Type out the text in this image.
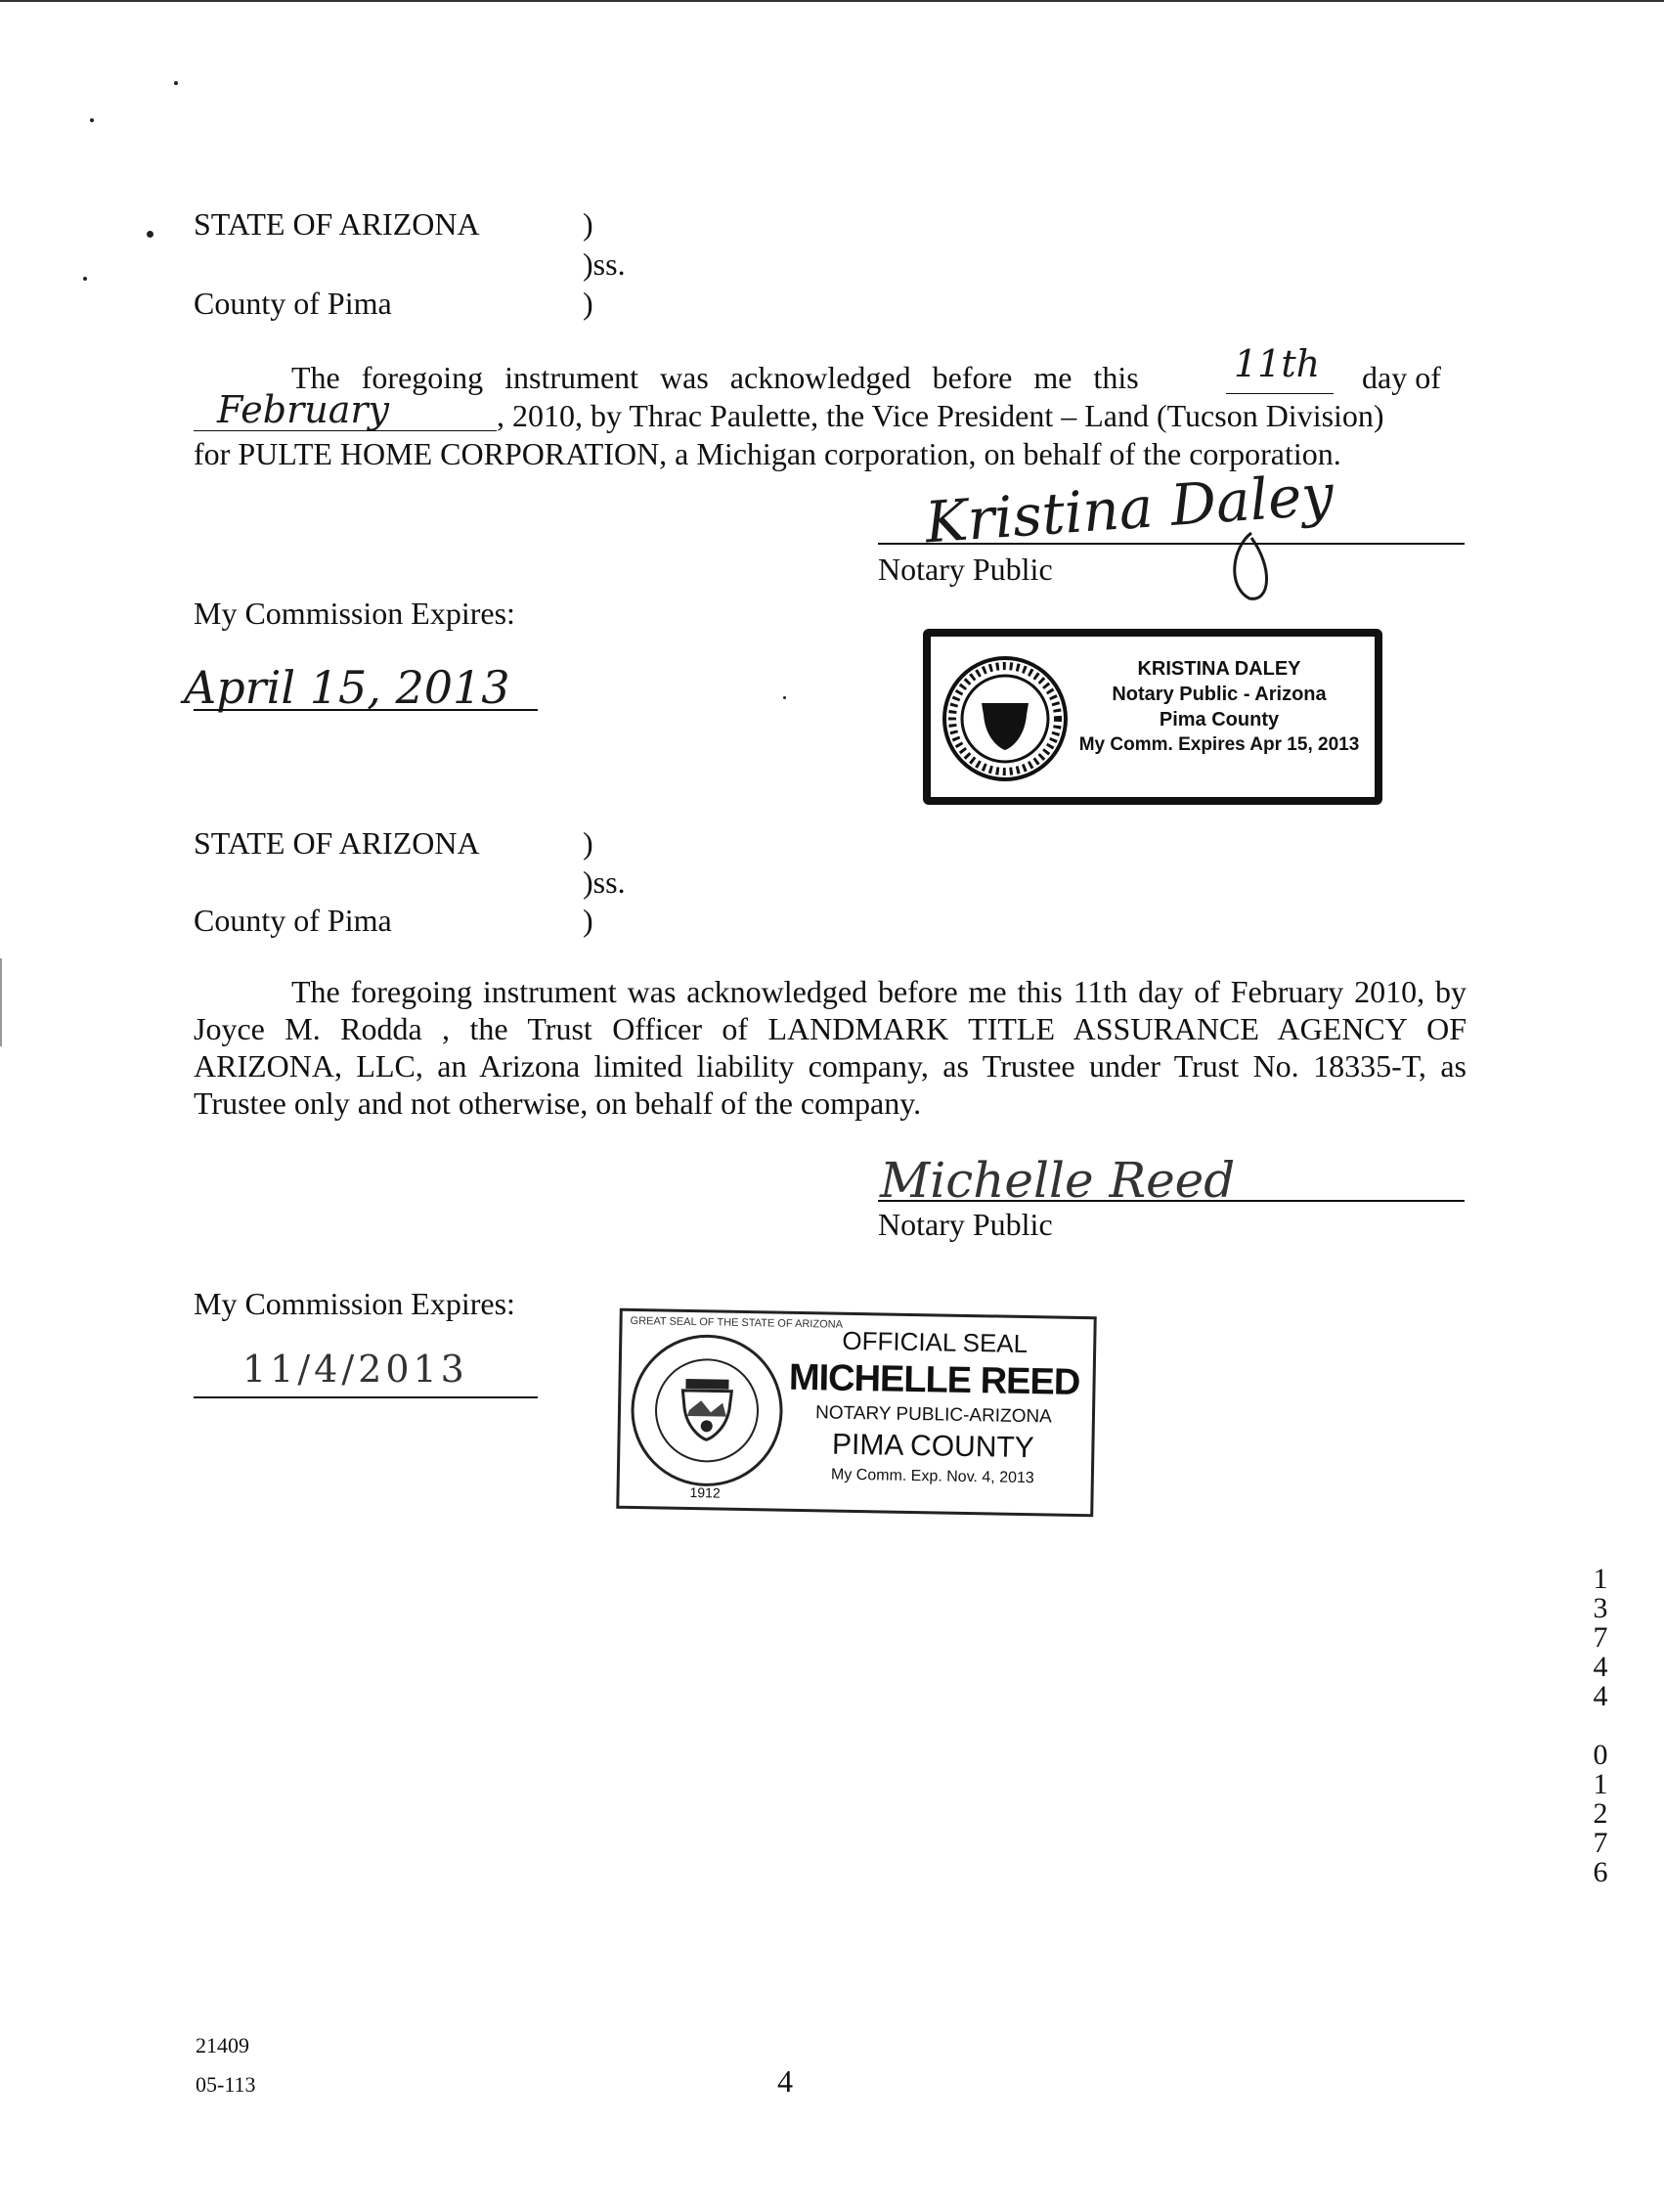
STATE OF ARIZONA	)
)ss.
County of Pima	)
The foregoing instrument was acknowledged before me this	11th day of
February	, 2010, by Thrac Paulette, the Vice President – Land (Tucson Division)
for PULTE HOME CORPORATION, a Michigan corporation, on behalf of the corporation.
Kristina Daley
Notary Public
My Commission Expires:
April 15, 2013	KRISTINA DALEY
Notary Public - Arizona
Pima County
My Comm. Expires Apr 15, 2013
STATE OF ARIZONA	)
)ss.
County of Pima	)
The foregoing instrument was acknowledged before me this 11th day of February 2010, by Joyce M. Rodda , the Trust Officer of LANDMARK TITLE ASSURANCE AGENCY OF ARIZONA, LLC, an Arizona limited liability company, as Trustee under Trust No. 18335-T, as Trustee only and not otherwise, on behalf of the company.
Michelle Reed
Notary Public
My Commission Expires:
11/4/2013
GREAT SEAL OF THE STATE OF ARIZONA
1912
OFFICIAL SEAL
MICHELLE REED
NOTARY PUBLIC-ARIZONA
PIMA COUNTY
My Comm. Exp. Nov. 4, 2013
1
3
7
4
4
0
1
2
7
6
21409
05-113	4
